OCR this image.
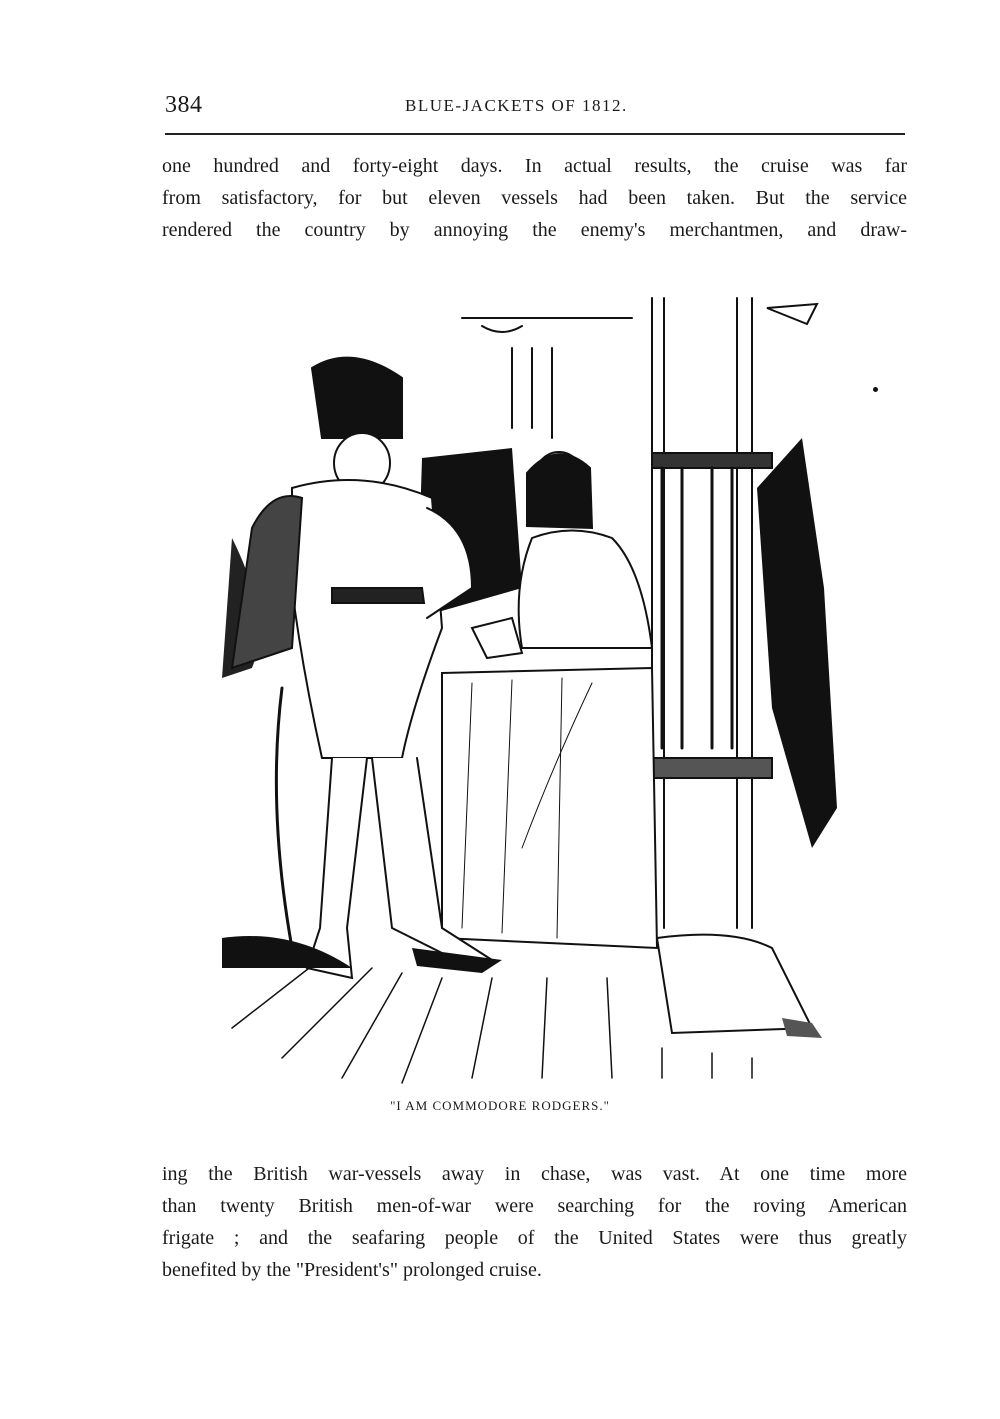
384	BLUE-JACKETS OF 1812.
one hundred and forty-eight days. In actual results, the cruise was far
from satisfactory, for but eleven vessels had been taken. But the service
rendered the country by annoying the enemy's merchantmen, and draw-
"I AM COMMODORE RODGERS."
ing the British war-vessels away in chase, was vast. At one time more
than twenty British men-of-war were searching for the roving American
frigate ; and the seafaring people of the United States were thus greatly
benefited by the "President's" prolonged cruise.
